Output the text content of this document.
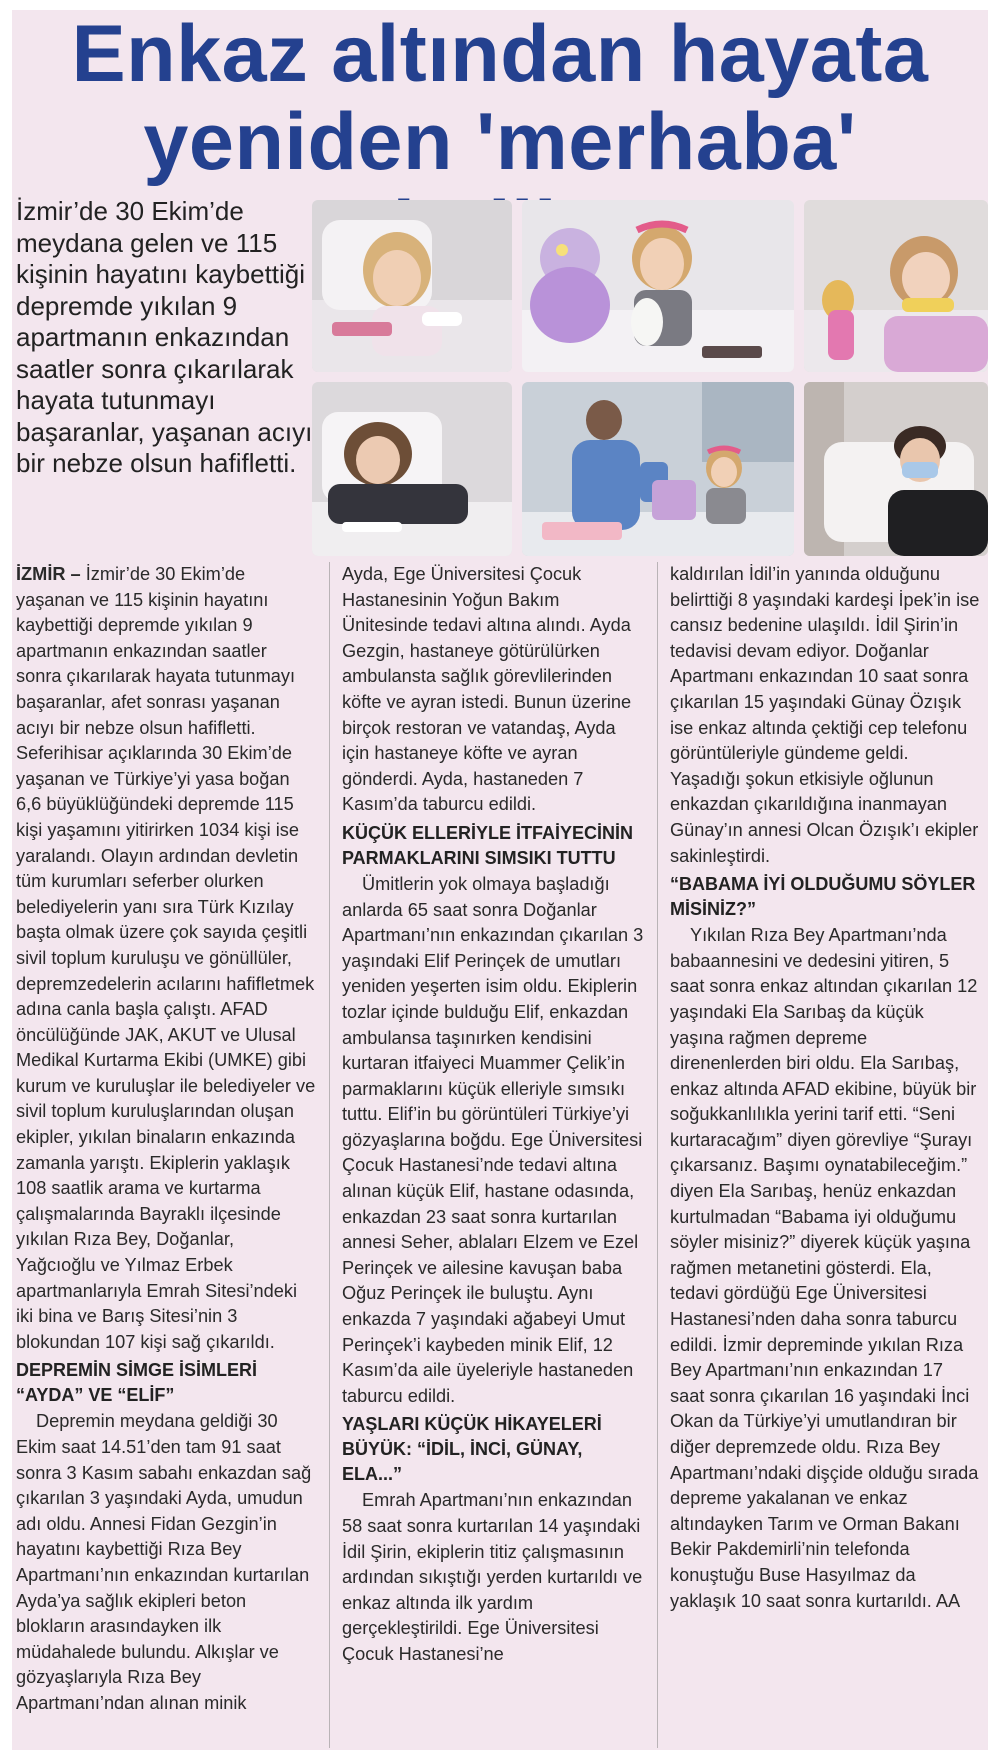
Enkaz altından hayata
yeniden 'merhaba'

İzmir’de 30 Ekim’de meydana gelen ve 115 kişinin hayatını kaybettiği depremde yıkılan 9 apartmanın enkazından saatler sonra çıkarılarak hayata tutunmayı başaranlar, yaşanan acıyı bir nebze olsun hafifletti.

İZMİR – İzmir’de 30 Ekim’de yaşanan ve 115 kişinin hayatını kaybettiği depremde yıkılan 9 apartmanın enkazından saatler sonra çıkarılarak hayata tutunmayı başaranlar, afet sonrası yaşanan acıyı bir nebze olsun hafifletti.

Seferihisar açıklarında 30 Ekim’de yaşanan ve Türkiye’yi yasa boğan 6,6 büyüklüğündeki depremde 115 kişi yaşamını yitirirken 1034 kişi ise yaralandı. Olayın ardından devletin tüm kurumları seferber olurken belediyelerin yanı sıra Türk Kızılay başta olmak üzere çok sayıda çeşitli sivil toplum kuruluşu ve gönüllüler, depremzedelerin acılarını hafifletmek adına canla başla çalıştı. AFAD öncülüğünde JAK, AKUT ve Ulusal Medikal Kurtarma Ekibi (UMKE) gibi kurum ve kuruluşlar ile belediyeler ve sivil toplum kuruluşlarından oluşan ekipler, yıkılan binaların enkazında zamanla yarıştı. Ekiplerin yaklaşık 108 saatlik arama ve kurtarma çalışmalarında Bayraklı ilçesinde yıkılan Rıza Bey, Doğanlar, Yağcıoğlu ve Yılmaz Erbek apartmanlarıyla Emrah Sitesi’ndeki iki bina ve Barış Sitesi’nin 3 blokundan 107 kişi sağ çıkarıldı.

DEPREMİN SİMGE İSİMLERİ “AYDA” VE “ELİF”

Depremin meydana geldiği 30 Ekim saat 14.51’den tam 91 saat sonra 3 Kasım sabahı enkazdan sağ çıkarılan 3 yaşındaki Ayda, umudun adı oldu. Annesi Fidan Gezgin’in hayatını kaybettiği Rıza Bey Apartmanı’nın enkazından kurtarılan Ayda’ya sağlık ekipleri beton blokların arasındayken ilk müdahalede bulundu. Alkışlar ve gözyaşlarıyla Rıza Bey Apartmanı’ndan alınan minik

Ayda, Ege Üniversitesi Çocuk Hastanesinin Yoğun Bakım Ünitesinde tedavi altına alındı. Ayda Gezgin, hastaneye götürülürken ambulansta sağlık görevlilerinden köfte ve ayran istedi. Bunun üzerine birçok restoran ve vatandaş, Ayda için hastaneye köfte ve ayran gönderdi. Ayda, hastaneden 7 Kasım’da taburcu edildi.

KÜÇÜK ELLERİYLE İTFAİYECİNİN PARMAKLARINI SIMSIKI TUTTU

Ümitlerin yok olmaya başladığı anlarda 65 saat sonra Doğanlar Apartmanı’nın enkazından çıkarılan 3 yaşındaki Elif Perinçek de umutları yeniden yeşerten isim oldu. Ekiplerin tozlar içinde bulduğu Elif, enkazdan ambulansa taşınırken kendisini kurtaran itfaiyeci Muammer Çelik’in parmaklarını küçük elleriyle sımsıkı tuttu. Elif’in bu görüntüleri Türkiye’yi gözyaşlarına boğdu. Ege Üniversitesi Çocuk Hastanesi’nde tedavi altına alınan küçük Elif, hastane odasında, enkazdan 23 saat sonra kurtarılan annesi Seher, ablaları Elzem ve Ezel Perinçek ve ailesine kavuşan baba Oğuz Perinçek ile buluştu. Aynı enkazda 7 yaşındaki ağabeyi Umut Perinçek’i kaybeden minik Elif, 12 Kasım’da aile üyeleriyle hastaneden taburcu edildi.

YAŞLARI KÜÇÜK HİKAYELERİ BÜYÜK: “İDİL, İNCİ, GÜNAY, ELA...”

Emrah Apartmanı’nın enkazından 58 saat sonra kurtarılan 14 yaşındaki İdil Şirin, ekiplerin titiz çalışmasının ardından sıkıştığı yerden kurtarıldı ve enkaz altında ilk yardım gerçekleştirildi. Ege Üniversitesi Çocuk Hastanesi’ne

kaldırılan İdil’in yanında olduğunu belirttiği 8 yaşındaki kardeşi İpek’in ise cansız bedenine ulaşıldı. İdil Şirin’in tedavisi devam ediyor. Doğanlar Apartmanı enkazından 10 saat sonra çıkarılan 15 yaşındaki Günay Özışık ise enkaz altında çektiği cep telefonu görüntüleriyle gündeme geldi. Yaşadığı şokun etkisiyle oğlunun enkazdan çıkarıldığına inanmayan Günay’ın annesi Olcan Özışık’ı ekipler sakinleştirdi.

“BABAMA İYİ OLDUĞUMU SÖYLER MİSİNİZ?”

Yıkılan Rıza Bey Apartmanı’nda babaannesini ve dedesini yitiren, 5 saat sonra enkaz altından çıkarılan 12 yaşındaki Ela Sarıbaş da küçük yaşına rağmen depreme direnenlerden biri oldu. Ela Sarıbaş, enkaz altında AFAD ekibine, büyük bir soğukkanlılıkla yerini tarif etti. “Seni kurtaracağım” diyen görevliye “Şurayı çıkarsanız. Başımı oynatabileceğim.” diyen Ela Sarıbaş, henüz enkazdan kurtulmadan “Babama iyi olduğumu söyler misiniz?” diyerek küçük yaşına rağmen metanetini gösterdi. Ela, tedavi gördüğü Ege Üniversitesi Hastanesi’nden daha sonra taburcu edildi. İzmir depreminde yıkılan Rıza Bey Apartmanı’nın enkazından 17 saat sonra çıkarılan 16 yaşındaki İnci Okan da Türkiye’yi umutlandıran bir diğer depremzede oldu. Rıza Bey Apartmanı’ndaki dişçide olduğu sırada depreme yakalanan ve enkaz altındayken Tarım ve Orman Bakanı Bekir Pakdemirli’nin telefonda konuştuğu Buse Hasyılmaz da yaklaşık 10 saat sonra kurtarıldı. AA
